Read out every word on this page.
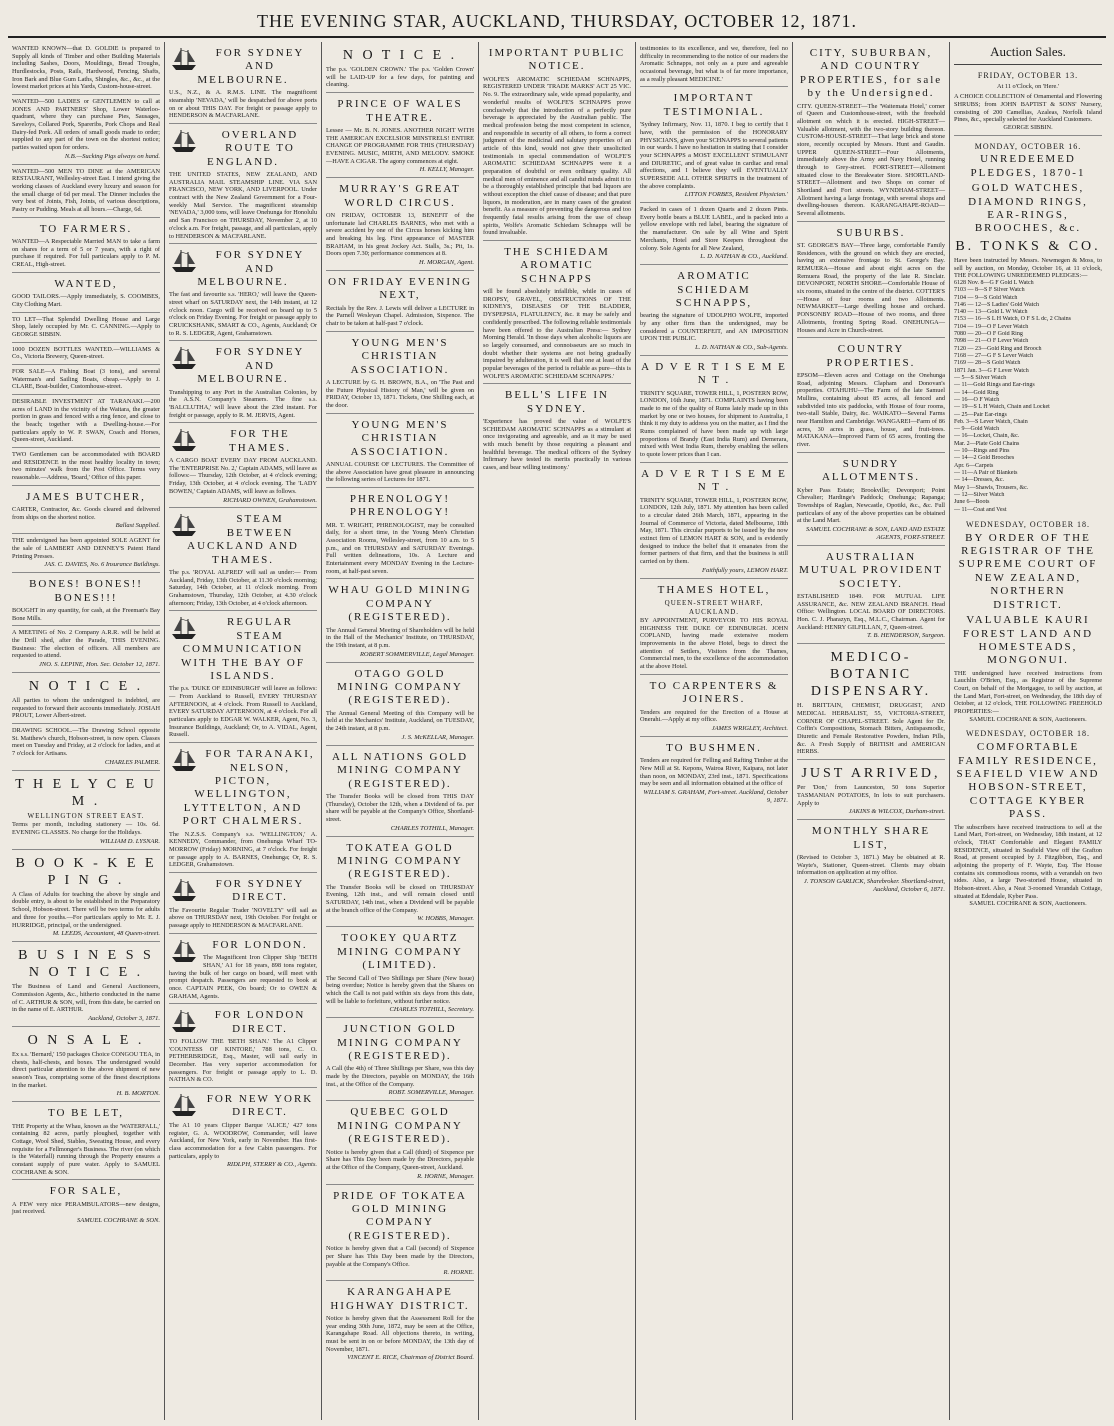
THE EVENING STAR, AUCKLAND, THURSDAY, OCTOBER 12, 1871.
WANTED KNOWN—that D. GOLDIE is prepared to Supply all kinds of Timber and other Building Materials including Sashes, Doors, Mouldings, Bread Troughs, Hurdlestocks, Posts, Rails, Hardwood, Fencing, Shafts, Iron Bark and Blue Gum Laths, Shingles, &c., &c., at the lowest market prices at his Yards, Custom-house-street.
WANTED—500 LADIES or GENTLEMEN to call at JONES AND PARTNERS' Shop, Lower Waterloo-quadrant, where they can purchase Pies, Sausages, Saveloys, Collared Pork, Spareribs, Pork Chops and Real Dairy-fed Pork. All orders of small goods made to order; supplied to any part of the town on the shortest notice; parties waited upon for orders.
N.B.—Sucking Pigs always on hand.
WANTED—500 MEN TO DINE at the AMERICAN RESTAURANT, Wellesley-street East. I intend giving the working classes of Auckland every luxury and season for the small charge of 6d per meal. The Dinner includes the very best of Joints, Fish, Joints, of various descriptions, Pastry or Pudding. Meals at all hours.—Charge, 6d.
TO FARMERS.
WANTED—A Respectable Married MAN to take a farm on shares for a term of 5 or 7 years, with a right of purchase if required. For full particulars apply to P. M. CREAL, High-street.
WANTED,
GOOD TAILORS.—Apply immediately, S. COOMBES, City Clothing Mart.
TO LET—That Splendid Dwelling House and Large Shop, lately occupied by Mr. C. CANNING.—Apply to GEORGE SIBBIN.
1000 DOZEN BOTTLES WANTED.—WILLIAMS & Co., Victoria Brewery, Queen-street.
FOR SALE—A Fishing Boat (3 tons), and several Waterman's and Sailing Boats, cheap.—Apply to J. CLARE, Boat-builder, Customhouse-street.
DESIRABLE INVESTMENT AT TARANAKI.—200 acres of LAND in the vicinity of the Waitara, the greater portion in grass and fenced with a ring fence, and close to the beach; together with a Dwelling-house.—For particulars apply to W. P. SWAN, Coach and Horses, Queen-street, Auckland.
TWO Gentlemen can be accommodated with BOARD and RESIDENCE in the most healthy locality in town; two minutes' walk from the Post Office. Terms very reasonable.—Address, 'Board,' Office of this paper.
JAMES BUTCHER,
CARTER, Contractor, &c. Goods cleared and delivered from ships on the shortest notice.
Ballast Supplied.
THE undersigned has been appointed SOLE AGENT for the sale of LAMBERT AND DENNEY'S Patent Hand Printing Presses.
JAS. C. DAVIES, No. 6 Insurance Buildings.
BONES! BONES!! BONES!!!
BOUGHT in any quantity, for cash, at the Freeman's Bay Bone Mills.
A MEETING of No. 2 Company A.R.R. will be held at the Drill shed, after the Parade, THIS EVENING. Business: The election of officers. All members are requested to attend.
JNO. S. LEPINE, Hon. Sec. October 12, 1871.
N O T I C E .
All parties to whom the undersigned is indebted, are requested to forward their accounts immediately. JOSIAH PROUT, Lower Albert-street.
DRAWING SCHOOL.—The Drawing School opposite St. Matthew's church, Hobson-street, is now open. Classes meet on Tuesday and Friday, at 2 o'clock for ladies, and at 7 o'clock for Artisans.
CHARLES PALMER.
T H E L Y C E U M .
WELLINGTON STREET EAST.
Terms per month, including stationery — 10s. 6d. EVENING CLASSES. No charge for the Holidays.
WILLIAM D. LYSNAR.
B O O K - K E E P I N G .
A Class of Adults for teaching the above by single and double entry, is about to be established in the Preparatory School, Hobson-street. There will be two terms for adults and three for youths.—For particulars apply to Mr. E. J. HURRIDGE, principal, or the undersigned.
M. LEEDS, Accountant, 48 Queen-street.
B U S I N E S S N O T I C E .
The Business of Land and General Auctioneers, Commission Agents, &c., hitherto conducted in the name of C. ARTHUR & SON, will, from this date, be carried on in the name of E. ARTHUR.
Auckland, October 3, 1871.
O N S A L E .
Ex s.s. 'Bernard,' 150 packages Choice CONGOU TEA, in chests, half-chests, and boxes. The undersigned would direct particular attention to the above shipment of new season's Teas, comprising some of the finest descriptions in the market.
H. B. MORTON.
TO BE LET,
THE Property at the Whau, known as the 'WATERFALL,' containing 82 acres, partly ploughed, together with Cottage, Wool Shed, Stables, Sweating House, and every requisite for a Fellmonger's Business. The river (on which is the Waterfall) running through the Property ensures a constant supply of pure water. Apply to SAMUEL COCHRANE & SON.
FOR SALE,
A FEW very nice PERAMBULATORS—new designs, just received.
SAMUEL COCHRANE & SON.
FOR SYDNEY AND MELBOURNE.
U.S., N.Z., & A. R.M.S. LINE. The magnificent steamship 'NEVADA,' will be despatched for above ports on or about THIS DAY. For freight or passage apply to HENDERSON & MACFARLANE.
OVERLAND ROUTE TO ENGLAND.
THE UNITED STATES, NEW ZEALAND, AND AUSTRALIA MAIL STEAMSHIP LINE. VIA SAN FRANCISCO, NEW YORK, AND LIVERPOOL. Under contract with the New Zealand Government for a Four-weekly Mail Service. The magnificent steamship 'NEVADA,' 3,000 tons, will leave Onehunga for Honolulu and San Francisco on THURSDAY, November 2, at 10 o'clock a.m. For freight, passage, and all particulars, apply to HENDERSON & MACFARLANE.
FOR SYDNEY AND MELBOURNE.
The fast and favourite s.s. 'HERO,' will leave the Queen-street wharf on SATURDAY next, the 14th instant, at 12 o'clock noon. Cargo will be received on board up to 5 o'clock on Friday Evening. For freight or passage apply to CRUICKSHANK, SMART & CO., Agents, Auckland; Or to R. S. LEDGER, Agent, Grahamstown.
FOR SYDNEY AND MELBOURNE.
Transhipping to any Port in the Australian Colonies, by the A.S.N. Company's Steamers. The fine s.s. 'BALCLUTHA,' will leave about the 23rd instant. For freight or passage, apply to R. M. JERVIS, Agent.
FOR THE THAMES.
A CARGO BOAT EVERY DAY FROM AUCKLAND. The 'ENTERPRISE No. 2,' Captain ADAMS, will leave as follows:— Thursday, 12th October, at 4 o'clock evening; Friday, 13th October, at 4 o'clock evening. The 'LADY BOWEN,' Captain ADAMS, will leave as follows.
RICHARD OWNEN, Grahamstown.
STEAM BETWEEN AUCKLAND AND THAMES.
The p.s. 'ROYAL ALFRED' will sail as under:— From Auckland, Friday, 13th October, at 11.30 o'clock morning; Saturday, 14th October, at 11 o'clock morning. From Grahamstown, Thursday, 12th October, at 4.30 o'clock afternoon; Friday, 13th October, at 4 o'clock afternoon.
REGULAR STEAM COMMUNICATION WITH THE BAY OF ISLANDS.
The p.s. 'DUKE OF EDINBURGH' will leave as follows:— From Auckland to Russell, EVERY THURSDAY AFTERNOON, at 4 o'clock. From Russell to Auckland, EVERY SATURDAY AFTERNOON, at 4 o'clock. For all particulars apply to EDGAR W. WALKER, Agent, No. 3, Insurance Buildings, Auckland; Or, to A. VIDAL, Agent, Russell.
FOR TARANAKI, NELSON, PICTON, WELLINGTON, LYTTELTON, AND PORT CHALMERS.
The N.Z.S.S. Company's s.s. 'WELLINGTON,' A. KENNEDY, Commander, from Onehunga Wharf TO-MORROW (Friday) MORNING, at 7 o'clock. For freight or passage apply to A. BARNES, Onehunga; Or, R. S. LEDGER, Grahamstown.
FOR SYDNEY DIRECT.
The Favourite Regular Trader 'NOVELTY' will sail as above on THURSDAY next, 19th October. For freight or passage apply to HENDERSON & MACFARLANE.
FOR LONDON.
The Magnificent Iron Clipper Ship 'BETH SHAN,' A1 for 18 years, 898 tons register, having the bulk of her cargo on board, will meet with prompt despatch. Passengers are requested to book at once. CAPTAIN PEEK, On board; Or to OWEN & GRAHAM, Agents.
FOR LONDON DIRECT.
TO FOLLOW THE 'BETH SHAN.' The A1 Clipper 'COUNTESS OF KINTORE,' 788 tons, C. O. PETHERBRIDGE, Esq., Master, will sail early in December. Has very superior accommodation for passengers. For freight or passage apply to L. D. NATHAN & CO.
FOR NEW YORK DIRECT.
The A1 10 years Clipper Barque 'ALICE,' 427 tons register, G. A. WOODROW, Commander, will leave Auckland, for New York, early in November. Has first-class accommodation for a few Cabin passengers. For particulars, apply to
RIDLPH, STERRY & CO., Agents.
N O T I C E .
The p.s. 'GOLDEN CROWN.' The p.s. 'Golden Crown' will be LAID-UP for a few days, for painting and cleaning.
PRINCE OF WALES THEATRE.
Lessee — Mr. B. N. JONES. ANOTHER NIGHT WITH THE AMERICAN EXCELSIOR MINSTRELS! ENTIRE CHANGE OF PROGRAMME FOR THIS (THURSDAY) EVENING. MUSIC, MIRTH, AND MELODY. SMOKE—HAVE A CIGAR. The agony commences at eight.
H. KELLY, Manager.
MURRAY'S GREAT WORLD CIRCUS.
ON FRIDAY, OCTOBER 13, BENEFIT of the unfortunate lad CHARLES BARNES, who met with a severe accident by one of the Circus horses kicking him and breaking his leg. First appearance of MASTER BRAHAM, in his great Jockey Act. Stalls, 3s.; Pit, 1s. Doors open 7.30; performance commences at 8.
H. MORGAN, Agent.
ON FRIDAY EVENING NEXT,
Recitals by the Rev. J. Lewis will deliver a LECTURE in the Parnell Wesleyan Chapel. Admission, Sixpence. The chair to be taken at half-past 7 o'clock.
YOUNG MEN'S CHRISTIAN ASSOCIATION.
A LECTURE by G. H. BROWN, B.A., on 'The Past and the Future Physical History of Man,' will be given on FRIDAY, October 13, 1871. Tickets, One Shilling each, at the door.
YOUNG MEN'S CHRISTIAN ASSOCIATION.
ANNUAL COURSE OF LECTURES. The Committee of the above Association have great pleasure in announcing the following series of Lectures for 1871.
PHRENOLOGY! PHRENOLOGY!
MR. T. WRIGHT, PHRENOLOGIST, may be consulted daily, for a short time, in the Young Men's Christian Association Rooms, Wellesley-street, from 10 a.m. to 5 p.m., and on THURSDAY and SATURDAY Evenings. Full written delineations, 10s. A Lecture and Entertainment every MONDAY Evening in the Lecture-room, at half-past seven.
WHAU GOLD MINING COMPANY (REGISTERED).
The Annual General Meeting of Shareholders will be held in the Hall of the Mechanics' Institute, on THURSDAY, the 19th instant, at 8 p.m.
ROBERT SOMMERVILLE, Legal Manager.
OTAGO GOLD MINING COMPANY (REGISTERED).
The Annual General Meeting of this Company will be held at the Mechanics' Institute, Auckland, on TUESDAY, the 24th instant, at 8 p.m.
J. S. McKELLAR, Manager.
ALL NATIONS GOLD MINING COMPANY (REGISTERED).
The Transfer Books will be closed from THIS DAY (Thursday), October the 12th, when a Dividend of 6s. per share will be payable at the Company's Office, Shortland-street.
CHARLES TOTHILL, Manager.
TOKATEA GOLD MINING COMPANY (REGISTERED).
The Transfer Books will be closed on THURSDAY Evening, 12th inst., and will remain closed until SATURDAY, 14th inst., when a Dividend will be payable at the branch office of the Company.
W. HOBBS, Manager.
TOOKEY QUARTZ MINING COMPANY (LIMITED).
The Second Call of Two Shillings per Share (New Issue) being overdue; Notice is hereby given that the Shares on which the Call is not paid within six days from this date, will be liable to forfeiture, without further notice.
CHARLES TOTHILL, Secretary.
JUNCTION GOLD MINING COMPANY (REGISTERED).
A Call (the 4th) of Three Shillings per Share, was this day made by the Directors, payable on MONDAY, the 16th inst., at the Office of the Company.
ROBT. SOMERVILLE, Manager.
QUEBEC GOLD MINING COMPANY (REGISTERED).
Notice is hereby given that a Call (third) of Sixpence per Share has This Day been made by the Directors, payable at the Office of the Company, Queen-street, Auckland.
R. HORNE, Manager.
PRIDE OF TOKATEA GOLD MINING COMPANY (REGISTERED).
Notice is hereby given that a Call (second) of Sixpence per Share has This Day been made by the Directors, payable at the Company's Office.
R. HORNE.
KARANGAHAPE HIGHWAY DISTRICT.
Notice is hereby given that the Assessment Roll for the year ending 30th June, 1872, may be seen at the Office, Karangahape Road. All objections thereto, in writing, must be sent in on or before MONDAY, the 13th day of November, 1871.
VINCENT E. RICE, Chairman of District Board.
IMPORTANT PUBLIC NOTICE.
WOLFE'S AROMATIC SCHIEDAM SCHNAPPS, REGISTERED UNDER 'TRADE MARKS' ACT 25 VIC. No. 9. The extraordinary sale, wide spread popularity, and wonderful results of WOLFE'S SCHNAPPS prove conclusively that the introduction of a perfectly pure beverage is appreciated by the Australian public. The medical profession being the most competent in science, and responsible in security of all others, to form a correct judgment of the medicinal and salutary properties of an article of this kind, would not give their unsolicited testimonials in special commendation of WOLFE'S AROMATIC SCHIEDAM SCHNAPPS were it a preparation of doubtful or even ordinary quality. All medical men of eminence and all candid minds admit it to be a thoroughly established principle that bad liquors are without exception the chief cause of disease; and that pure liquors, in moderation, are in many cases of the greatest benefit. As a measure of preventing the dangerous and too frequently fatal results arising from the use of cheap spirits, Wolfe's Aromatic Schiedam Schnapps will be found invaluable.
THE SCHIEDAM AROMATIC SCHNAPPS
will be found absolutely infallible, while in cases of DROPSY, GRAVEL, OBSTRUCTIONS OF THE KIDNEYS, DISEASES OF THE BLADDER, DYSPEPSIA, FLATULENCY, &c. it may be safely and confidently prescribed. The following reliable testimonials have been offered to the Australian Press:— Sydney Morning Herald. 'In those days when alcoholic liquors are so largely consumed, and connoisseurs are so much in doubt whether their systems are not being gradually impaired by adulteration, it is well that one at least of the popular beverages of the period is reliable as pure—this is WOLFE'S AROMATIC SCHIEDAM SCHNAPPS.'
BELL'S LIFE IN SYDNEY.
'Experience has proved the value of WOLFE'S SCHIEDAM AROMATIC SCHNAPPS as a stimulant at once invigorating and agreeable, and as it may be used with much benefit by those requiring a pleasant and healthful beverage. The medical officers of the Sydney Infirmary have tested its merits practically in various cases, and bear willing testimony.'
testimonies to its excellence, and we, therefore, feel no difficulty in recommending to the notice of our readers the Aromatic Schnapps, not only as a pure and agreeable occasional beverage, but what is of far more importance, as a really pleasant MEDICINE.'
IMPORTANT TESTIMONIAL.
'Sydney Infirmary, Nov. 11, 1870. I beg to certify that I have, with the permission of the HONORARY PHYSICIANS, given your SCHNAPPS to several patients in our wards. I have no hesitation in stating that I consider your SCHNAPPS a MOST EXCELLENT STIMULANT and DIURETIC, and of great value in cardiac and renal affections, and I believe they will EVENTUALLY SUPERSEDE ALL OTHER SPIRITS in the treatment of the above complaints.
LITTON FORBES, Resident Physician.'
Packed in cases of 1 dozen Quarts and 2 dozen Pints. Every bottle bears a BLUE LABEL, and is packed into a yellow envelope with red label, bearing the signature of the manufacturer. On sale by all Wine and Spirit Merchants, Hotel and Store Keepers throughout the colony. Sole Agents for all New Zealand,
L. D. NATHAN & CO., Auckland.
AROMATIC SCHIEDAM SCHNAPPS,
bearing the signature of UDOLPHO WOLFE, imported by any other firm than the undersigned, may be considered a COUNTERFEIT, and AN IMPOSITION UPON THE PUBLIC.
L. D. NATHAN & CO., Sub-Agents.
A D V E R T I S E M E N T .
TRINITY SQUARE, TOWER HILL, 1, POSTERN ROW, LONDON, 16th June, 1871. COMPLAINTS having been made to me of the quality of Rums lately made up in this market by one or two houses, for shipment to Australia, I think it my duty to address you on the matter, as I find the Rums complained of have been made up with large proportions of Brandy (East India Rum) and Demerara, mixed with West India Rum, thereby enabling the sellers to quote lower prices than I can.
A D V E R T I S E M E N T .
TRINITY SQUARE, TOWER HILL, 1, POSTERN ROW, LONDON, 12th July, 1871. My attention has been called to a circular dated 26th March, 1871, appearing in the Journal of Commerce of Victoria, dated Melbourne, 18th May, 1871. This circular purports to be issued by the now extinct firm of LEMON HART & SON, and is evidently designed to induce the belief that it emanates from the former partners of that firm, and that the business is still carried on by them.
Faithfully yours, LEMON HART.
THAMES HOTEL,
QUEEN-STREET WHARF, AUCKLAND.
BY APPOINTMENT, PURVEYOR TO HIS ROYAL HIGHNESS THE DUKE OF EDINBURGH. JOHN COPLAND, having made extensive modern improvements in the above Hotel, begs to direct the attention of Settlers, Visitors from the Thames, Commercial men, to the excellence of the accommodation at the above Hotel.
TO CARPENTERS & JOINERS.
Tenders are required for the Erection of a House at Onerahi.—Apply at my office.
JAMES WRIGLEY, Architect.
TO BUSHMEN.
Tenders are required for Felling and Rafting Timber at the New Mill at St. Kepons, Wairoa River, Kaipara, not later than noon, on MONDAY, 23rd inst., 1871. Specifications may be seen and all information obtained at the office of
WILLIAM S. GRAHAM, Fort-street. Auckland, October 9, 1871.
CITY, SUBURBAN, AND COUNTRY PROPERTIES, for sale by the Undersigned.
CITY. QUEEN-STREET—The 'Waitemata Hotel,' corner of Queen and Customhouse-street, with the freehold allotment on which it is erected. HIGH-STREET—Valuable allotment, with the two-story building thereon. CUSTOM-HOUSE-STREET—That large brick and stone store, recently occupied by Messrs. Hunt and Gaudin. UPPER QUEEN-STREET—Four Allotments, immediately above the Army and Navy Hotel, running through to Grey-street. FORT-STREET—Allotment situated close to the Breakwater Store. SHORTLAND-STREET—Allotment and two Shops on corner of Shortland and Fort streets. WYNDHAM-STREET—Allotment having a large frontage, with several shops and dwelling-houses thereon. KARANGAHAPE-ROAD—Several allotments.
SUBURBS.
ST. GEORGE'S BAY—Three large, comfortable Family Residences, with the ground on which they are erected, having an extensive frontage to St. George's Bay. REMUERA—House and about eight acres on the Remuera Road, the property of the late R. Sinclair. DEVONPORT, NORTH SHORE—Comfortable House of six rooms, situated in the centre of the district. COTTER'S—House of four rooms and two Allotments. NEWMARKET—Large dwelling house and orchard. PONSONBY ROAD—House of two rooms, and three Allotments, fronting Spring Road. ONEHUNGA—Houses and Acre in Church-street.
COUNTRY PROPERTIES.
EPSOM—Eleven acres and Cottage on the Onehunga Road, adjoining Messrs. Clapham and Donovan's properties. OTAHUHU—The Farm of the late Samuel Mullins, containing about 85 acres, all fenced and subdivided into six paddocks, with House of four rooms, two-stall Stable, Dairy, &c. WAIKATO—Several Farms near Hamilton and Cambridge. WANGAREI—Farm of 86 acres, 30 acres in grass, house, and fruit-trees. MATAKANA—Improved Farm of 65 acres, fronting the river.
SUNDRY ALLOTMENTS.
Kyber Pass Estate; Brookville; Devonport; Point Chevalier; Hardinge's Paddock; Onehunga; Rapanga; Townships of Raglan, Newcastle, Opotiki, &c., &c. Full particulars of any of the above properties can be obtained at the Land Mart.
SAMUEL COCHRANE & SON, LAND AND ESTATE AGENTS, FORT-STREET.
AUSTRALIAN MUTUAL PROVIDENT SOCIETY.
ESTABLISHED 1849. FOR MUTUAL LIFE ASSURANCE, &c. NEW ZEALAND BRANCH. Head Office: Wellington. LOCAL BOARD OF DIRECTORS. Hon. C. J. Pharazyn, Esq., M.L.C., Chairman. Agent for Auckland: HENRY GILFILLAN, 7, Queen-street.
T. B. HENDERSON, Surgeon.
MEDICO-BOTANIC DISPENSARY.
H. BRITTAIN, CHEMIST, DRUGGIST, AND MEDICAL HERBALIST, 55, VICTORIA-STREET, CORNER OF CHAPEL-STREET. Sole Agent for Dr. Coffin's Compositions, Stomach Bitters, Antispasmodic, Diuretic and Female Restorative Powders, Indian Pills, &c. A Fresh Supply of BRITISH and AMERICAN HERBS.
JUST ARRIVED,
Per 'Don,' from Launceston, 50 tons Superior TASMANIAN POTATOES, In lots to suit purchasers. Apply to
JAKINS & WILCOX, Durham-street.
MONTHLY SHARE LIST,
(Revised to October 3, 1871.) May be obtained at R. Wayte's, Stationer, Queen-street. Clients may obtain information on application at my office.
J. TONSON GARLICK, Sharebroker. Shortland-street, Auckland, October 6, 1871.
Auction Sales.
FRIDAY, OCTOBER 13.
At 11 o'Clock, on 'Here.'
A CHOICE COLLECTION of Ornamental and Flowering SHRUBS; from JOHN BAPTIST & SONS' Nursery, consisting of 200 Camellias, Azaleas, Norfolk Island Pines, &c., specially selected for Auckland Customers.
GEORGE SIBBIN.
MONDAY, OCTOBER 16.
UNREDEEMED PLEDGES, 1870-1
GOLD WATCHES, DIAMOND RINGS, EAR-RINGS, BROOCHES, &c.
B. TONKS & CO.
Have been instructed by Messrs. Newmegen & Moss, to sell by auction, on Monday, October 16, at 11 o'clock, THE FOLLOWING UNREDEEMED PLEDGES:—
6128 Nov. 8—G F Gold L Watch
7103 — 8—S F Silver Watch
7104 — 9—S Gold Watch
7146 — 12—S Ladies' Gold Watch
7140 — 13—Gold L W Watch
7153 — 16—S L H Watch, O F S L dc, 2 Chains
7104 — 19—O F Lever Watch
7080 — 20—O F Gold Ring
7098 — 21—O F Lever Watch
7120 — 23—Gold Ring and Brooch
7168 — 27—G F S Lever Watch
7169 — 28—S Gold Watch
1871 Jan. 3—G F Lever Watch
— 5—S Silver Watch
— 11—Gold Rings and Ear-rings
— 14—Gold Ring
— 16—O F Watch
— 19—S L H Watch, Chain and Locket
— 25—Pair Ear-rings
Feb. 3—S Lever Watch, Chain
— 9—Gold Watch
— 16—Locket, Chain, &c.
Mar. 2—Plate Gold Chains
— 10—Rings and Pins
— 14—2 Gold Brooches
Apr. 6—Carpets
— 11—A Pair of Blankets
— 14—Dresses, &c.
May 1—Shawls, Trousers, &c.
— 12—Silver Watch
June 6—Boots
— 11—Coat and Vest
WEDNESDAY, OCTOBER 18.
BY ORDER OF THE REGISTRAR OF THE SUPREME COURT OF NEW ZEALAND, NORTHERN DISTRICT.
VALUABLE KAURI FOREST LAND AND HOMESTEADS, MONGONUI.
THE undersigned have received instructions from Lauchlin O'Brien, Esq., as Registrar of the Supreme Court, on behalf of the Mortgagee, to sell by auction, at the Land Mart, Fort-street, on Wednesday, the 18th day of October, at 12 o'clock, THE FOLLOWING FREEHOLD PROPERTIES:—
SAMUEL COCHRANE & SON, Auctioneers.
WEDNESDAY, OCTOBER 18.
COMFORTABLE FAMILY RESIDENCE, SEAFIELD VIEW AND HOBSON-STREET, COTTAGE KYBER PASS.
The subscribers have received instructions to sell at the Land Mart, Fort-street, on Wednesday, 18th instant, at 12 o'clock, THAT Comfortable and Elegant FAMILY RESIDENCE, situated in Seafield View off the Grafton Road, at present occupied by J. Fitzgibbon, Esq., and adjoining the property of F. Wayte, Esq. The House contains six commodious rooms, with a verandah on two sides. Also, a large Two-storied House, situated in Hobson-street. Also, a Neat 3-roomed Verandah Cottage, situated at Edendale, Kyber Pass.
SAMUEL COCHRANE & SON, Auctioneers.
